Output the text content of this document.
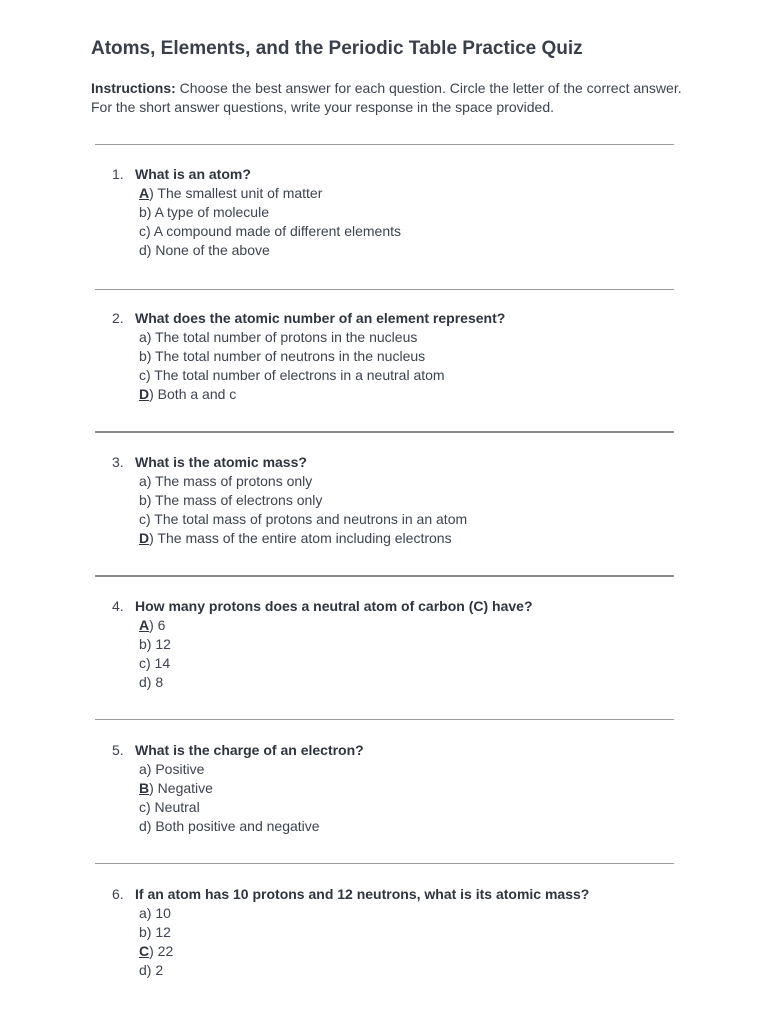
Atoms, Elements, and the Periodic Table Practice Quiz
Instructions: Choose the best answer for each question. Circle the letter of the correct answer. For the short answer questions, write your response in the space provided.
1. What is an atom?
A) The smallest unit of matter
b) A type of molecule
c) A compound made of different elements
d) None of the above
2. What does the atomic number of an element represent?
a) The total number of protons in the nucleus
b) The total number of neutrons in the nucleus
c) The total number of electrons in a neutral atom
D) Both a and c
3. What is the atomic mass?
a) The mass of protons only
b) The mass of electrons only
c) The total mass of protons and neutrons in an atom
D) The mass of the entire atom including electrons
4. How many protons does a neutral atom of carbon (C) have?
A) 6
b) 12
c) 14
d) 8
5. What is the charge of an electron?
a) Positive
B) Negative
c) Neutral
d) Both positive and negative
6. If an atom has 10 protons and 12 neutrons, what is its atomic mass?
a) 10
b) 12
C) 22
d) 2
